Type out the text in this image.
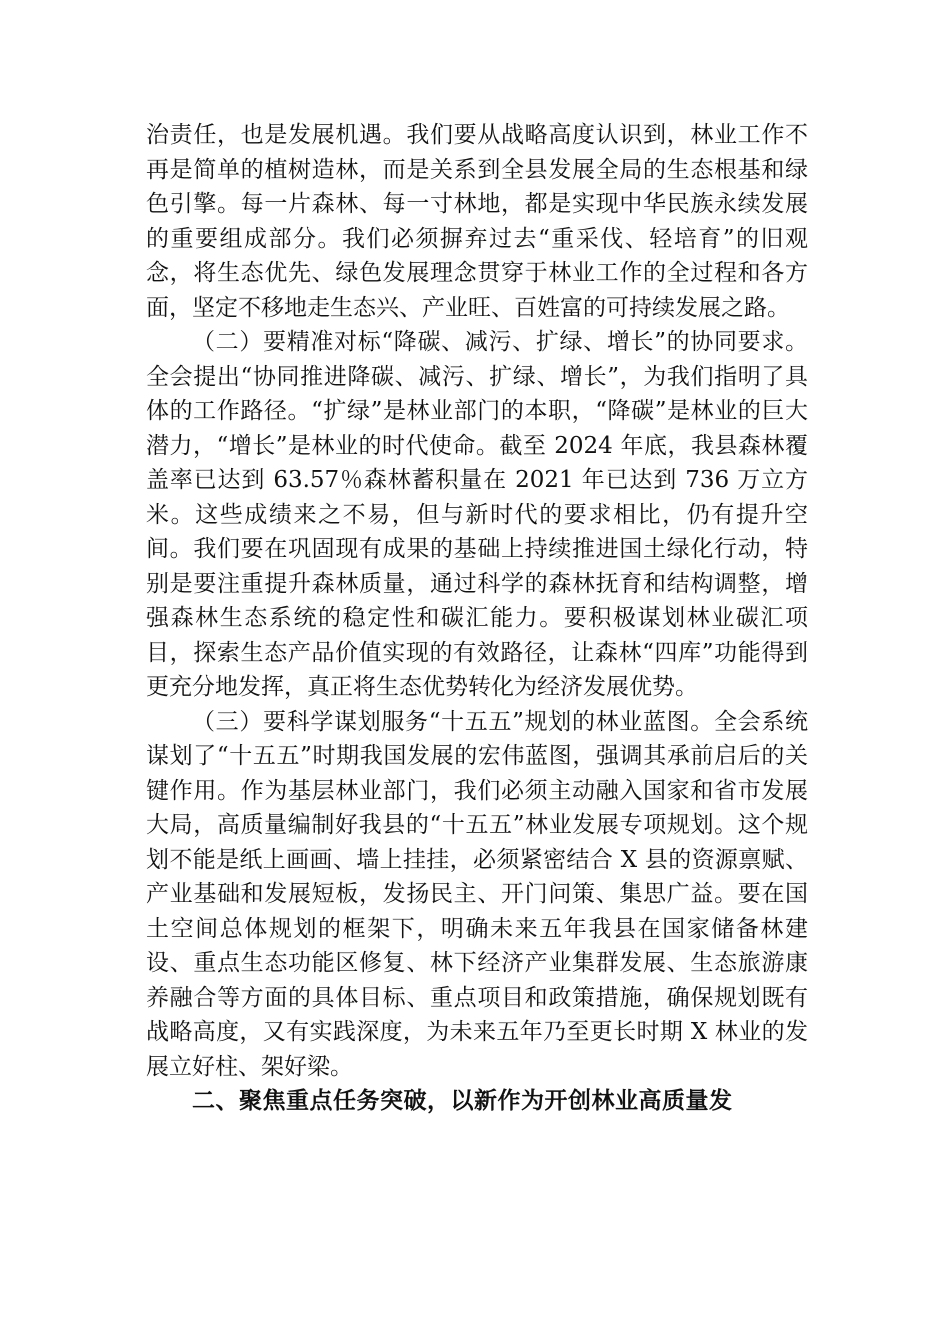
治责任，也是发展机遇。我们要从战略高度认识到，林业工作不再是简单的植树造林，而是关系到全县发展全局的生态根基和绿色引擎。每一片森林、每一寸林地，都是实现中华民族永续发展的重要组成部分。我们必须摒弃过去“重采伐、轻培育”的旧观念，将生态优先、绿色发展理念贯穿于林业工作的全过程和各方面，坚定不移地走生态兴、产业旺、百姓富的可持续发展之路。

（二）要精准对标“降碳、减污、扩绿、增长”的协同要求。全会提出“协同推进降碳、减污、扩绿、增长”，为我们指明了具体的工作路径。“扩绿”是林业部门的本职，“降碳”是林业的巨大潜力，“增长”是林业的时代使命。截至 2024 年底，我县森林覆盖率已达到 63.57％森林蓄积量在 2021 年已达到 736 万立方米。这些成绩来之不易，但与新时代的要求相比，仍有提升空间。我们要在巩固现有成果的基础上持续推进国土绿化行动，特别是要注重提升森林质量，通过科学的森林抚育和结构调整，增强森林生态系统的稳定性和碳汇能力。要积极谋划林业碳汇项目，探索生态产品价值实现的有效路径，让森林“四库”功能得到更充分地发挥，真正将生态优势转化为经济发展优势。

（三）要科学谋划服务“十五五”规划的林业蓝图。全会系统谋划了“十五五”时期我国发展的宏伟蓝图，强调其承前启后的关键作用。作为基层林业部门，我们必须主动融入国家和省市发展大局，高质量编制好我县的“十五五”林业发展专项规划。这个规划不能是纸上画画、墙上挂挂，必须紧密结合 X 县的资源禀赋、产业基础和发展短板，发扬民主、开门问策、集思广益。要在国土空间总体规划的框架下，明确未来五年我县在国家储备林建设、重点生态功能区修复、林下经济产业集群发展、生态旅游康养融合等方面的具体目标、重点项目和政策措施，确保规划既有战略高度，又有实践深度，为未来五年乃至更长时期 X 林业的发展立好柱、架好梁。

二、聚焦重点任务突破，以新作为开创林业高质量发
